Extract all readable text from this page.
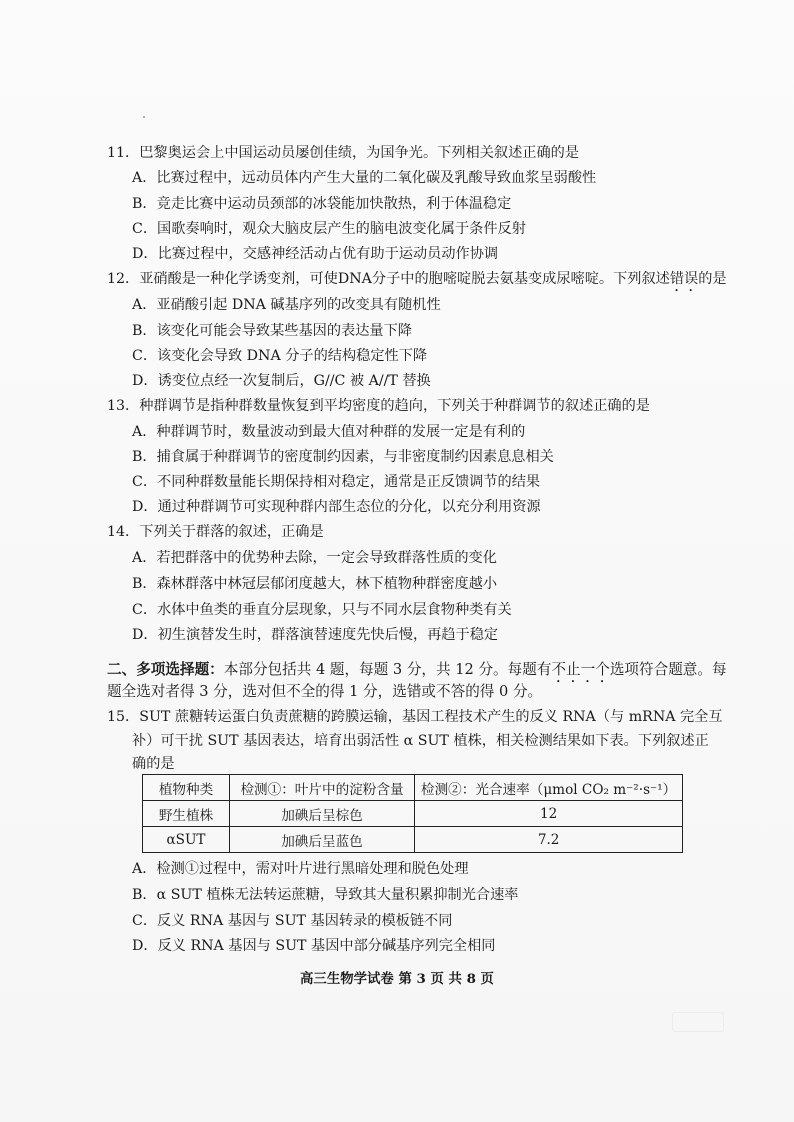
11．巴黎奥运会上中国运动员屡创佳绩，为国争光。下列相关叙述正确的是
A．比赛过程中，远动员体内产生大量的二氧化碳及乳酸导致血浆呈弱酸性
B．竞走比赛中运动员颈部的冰袋能加快散热，利于体温稳定
C．国歌奏响时，观众大脑皮层产生的脑电波变化属于条件反射
D．比赛过程中，交感神经活动占优有助于运动员动作协调
12．亚硝酸是一种化学诱变剂，可使DNA分子中的胞嘧啶脱去氨基变成尿嘧啶。下列叙述错误的是
A．亚硝酸引起 DNA 碱基序列的改变具有随机性
B．该变化可能会导致某些基因的表达量下降
C．该变化会导致 DNA 分子的结构稳定性下降
D．诱变位点经一次复制后，G//C 被 A//T 替换
13．种群调节是指种群数量恢复到平均密度的趋向，下列关于种群调节的叙述正确的是
A．种群调节时，数量波动到最大值对种群的发展一定是有利的
B．捕食属于种群调节的密度制约因素，与非密度制约因素息息相关
C．不同种群数量能长期保持相对稳定，通常是正反馈调节的结果
D．通过种群调节可实现种群内部生态位的分化，以充分利用资源
14．下列关于群落的叙述，正确是
A．若把群落中的优势种去除，一定会导致群落性质的变化
B．森林群落中林冠层郁闭度越大，林下植物种群密度越小
C．水体中鱼类的垂直分层现象，只与不同水层食物种类有关
D．初生演替发生时，群落演替速度先快后慢，再趋于稳定
二、多项选择题：本部分包括共 4 题，每题 3 分，共 12 分。每题有不止一个选项符合题意。每
题全选对者得 3 分，选对但不全的得 1 分，选错或不答的得 0 分。
15．SUT 蔗糖转运蛋白负责蔗糖的跨膜运输，基因工程技术产生的反义 RNA（与 mRNA 完全互
补）可干扰 SUT 基因表达，培育出弱活性 α SUT 植株，相关检测结果如下表。下列叙述正
确的是
植物种类	检测①：叶片中的淀粉含量	检测②：光合速率（μmol CO₂ m⁻²·s⁻¹）
野生植株	加碘后呈棕色	12
αSUT	加碘后呈蓝色	7.2
A．检测①过程中，需对叶片进行黑暗处理和脱色处理
B．α SUT 植株无法转运蔗糖，导致其大量积累抑制光合速率
C．反义 RNA 基因与 SUT 基因转录的模板链不同
D．反义 RNA 基因与 SUT 基因中部分碱基序列完全相同
高三生物学试卷 第 3 页 共 8 页
